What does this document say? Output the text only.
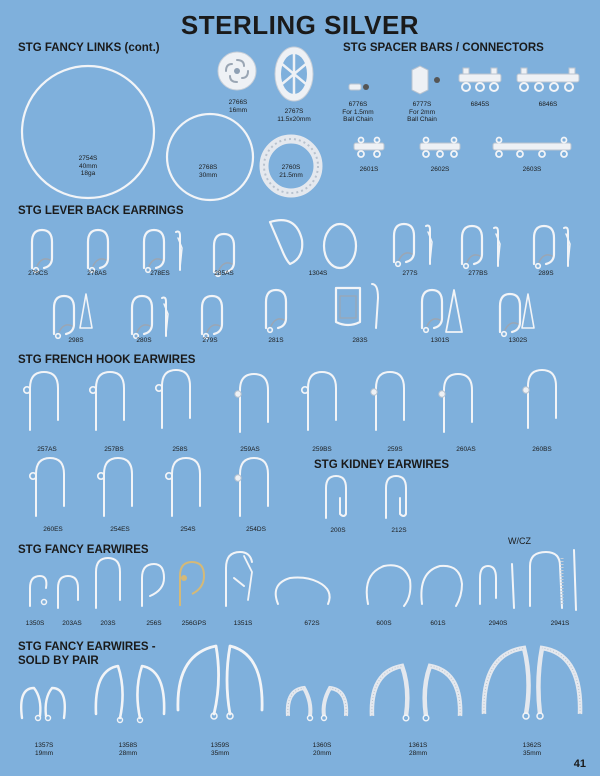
STERLING SILVER
STG FANCY LINKS (cont.)	STG SPACER BARS / CONNECTORS
STG LEVER BACK EARRINGS
STG FRENCH HOOK EARWIRES
STG KIDNEY EARWIRES
STG FANCY EARWIRES
STG FANCY EARWIRES -
SOLD BY PAIR
2754S
40mm
18ga
2766S
16mm	2767S
11.5x20mm
2768S
30mm
2760S
21.5mm
6776S
For 1.5mm
Ball Chain
6777S
For 2mm
Ball Chain
6845S	6846S
2601S	2602S	2603S
278CS	278AS	278ES	285AS	1304S	277S	277BS	289S
298S	280S	279S	281S	283S	1301S	1302S
257AS	257BS	258S	259AS	259BS	259S	260AS	260BS
260ES	254ES	254S	254DS	200S	212S
W/CZ
1350S	203AS	203S	256S	256GPS	1351S	672S	600S	601S	2940S	2941S
1357S
19mm
1358S
28mm
1359S
35mm
1360S
20mm
1361S
28mm
1362S
35mm
41
